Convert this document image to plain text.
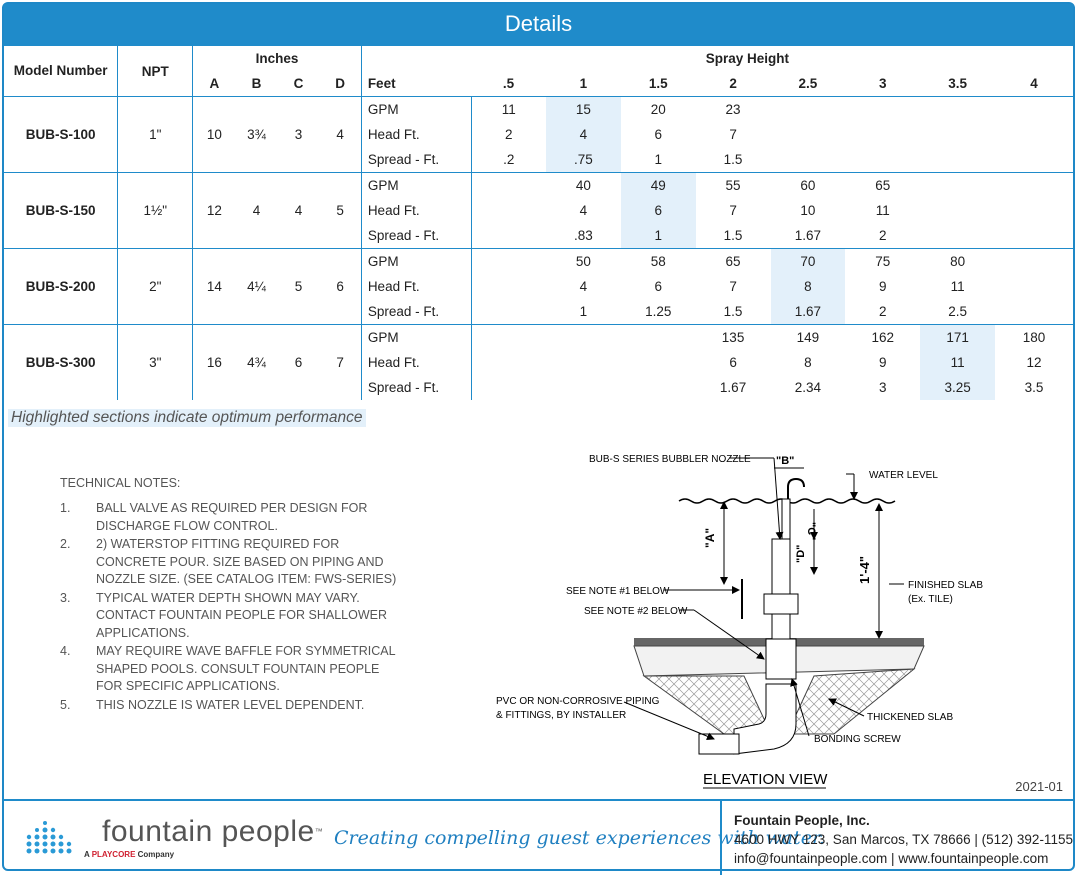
Details
Model Number	NPT	Inches				Spray Height								
		A	B	C	D	Feet	.5	1	1.5	2	2.5	3	3.5	4
BUB-S-100	1"	10	3¾	3	4	GPM	11	15	20	23				
						Head Ft.	2	4	6	7				
						Spread - Ft.	.2	.75	1	1.5				
BUB-S-150	1½"	12	4	4	5	GPM		40	49	55	60	65		
						Head Ft.		4	6	7	10	11		
						Spread - Ft.		.83	1	1.5	1.67	2		
BUB-S-200	2"	14	4¼	5	6	GPM		50	58	65	70	75	80	
						Head Ft.		4	6	7	8	9	11	
						Spread - Ft.		1	1.25	1.5	1.67	2	2.5	
BUB-S-300	3"	16	4¾	6	7	GPM				135	149	162	171	180
						Head Ft.				6	8	9	11	12
						Spread - Ft.				1.67	2.34	3	3.25	3.5
Highlighted sections indicate optimum performance
TECHNICAL NOTES:
1.	BALL VALVE AS REQUIRED PER DESIGN FOR DISCHARGE FLOW CONTROL.
2.	2) WATERSTOP FITTING REQUIRED FOR CONCRETE POUR. SIZE BASED ON PIPING AND NOZZLE SIZE. (SEE CATALOG ITEM: FWS-SERIES)
3.	TYPICAL WATER DEPTH SHOWN MAY VARY. CONTACT FOUNTAIN PEOPLE FOR SHALLOWER APPLICATIONS.
4.	MAY REQUIRE WAVE BAFFLE FOR SYMMETRICAL SHAPED POOLS. CONSULT FOUNTAIN PEOPLE FOR SPECIFIC APPLICATIONS.
5.	THIS NOZZLE IS WATER LEVEL DEPENDENT.
BUB-S SERIES BUBBLER NOZZLE "B"
WATER LEVEL
"A"	"C"
"D"
1'-4"
SEE NOTE #1 BELOW
SEE NOTE #2 BELOW
FINISHED SLAB
(Ex. TILE)
PVC OR NON-CORROSIVE PIPING
& FITTINGS, BY INSTALLER	THICKENED SLAB
BONDING SCREW
ELEVATION VIEW	2021-01
fountain people™
A PLAYCORE Company
Creating compelling guest experiences with water.
Fountain People, Inc.
4600 HWY 123, San Marcos, TX 78666 | (512) 392-1155
info@fountainpeople.com | www.fountainpeople.com
